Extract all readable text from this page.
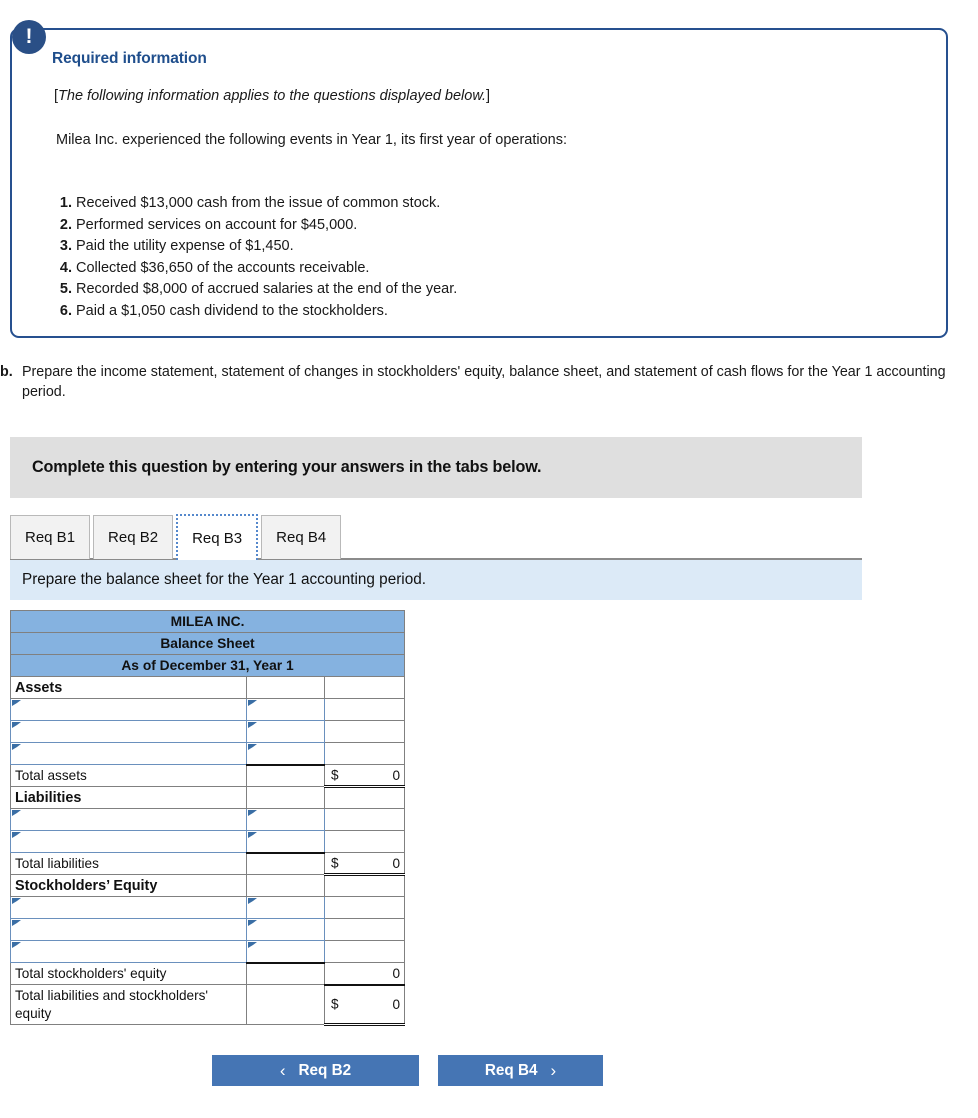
!
Required information
[The following information applies to the questions displayed below.]
Milea Inc. experienced the following events in Year 1, its first year of operations:
1. Received $13,000 cash from the issue of common stock.
2. Performed services on account for $45,000.
3. Paid the utility expense of $1,450.
4. Collected $36,650 of the accounts receivable.
5. Recorded $8,000 of accrued salaries at the end of the year.
6. Paid a $1,050 cash dividend to the stockholders.
b. Prepare the income statement, statement of changes in stockholders' equity, balance sheet, and statement of cash flows for the Year 1 accounting period.
Complete this question by entering your answers in the tabs below.
Req B1	Req B2	Req B3	Req B4
Prepare the balance sheet for the Year 1 accounting period.
MILEA INC.		
Balance Sheet		
As of December 31, Year 1		
Assets		

Total assets		$ 0
Liabilities		

Total liabilities		$ 0
Stockholders’ Equity		

Total stockholders' equity		0
Total liabilities and stockholders' equity		$ 0
‹ Req B2	Req B4 ›
